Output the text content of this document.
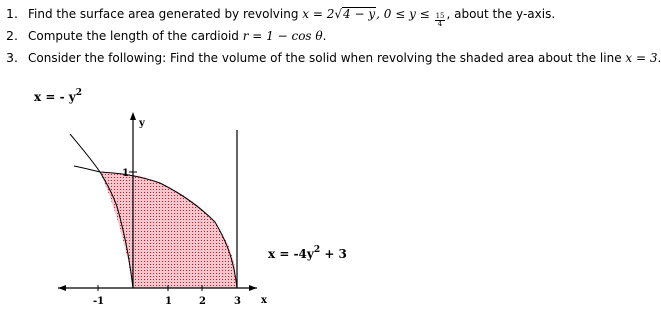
1. Find the surface area generated by revolving x = 2 √ 4 − y , $0 \le y \le \frac{15}{4}$ , about the y-axis.
2. Compute the length of the cardioid r = 1 − cos θ .
3. Consider the following: Find the volume of the solid when revolving the shaded area about the line x = 3 .
x = - $y^2$
$x = -4y^2 + 3$
y
1
x
-1	1	2	3
